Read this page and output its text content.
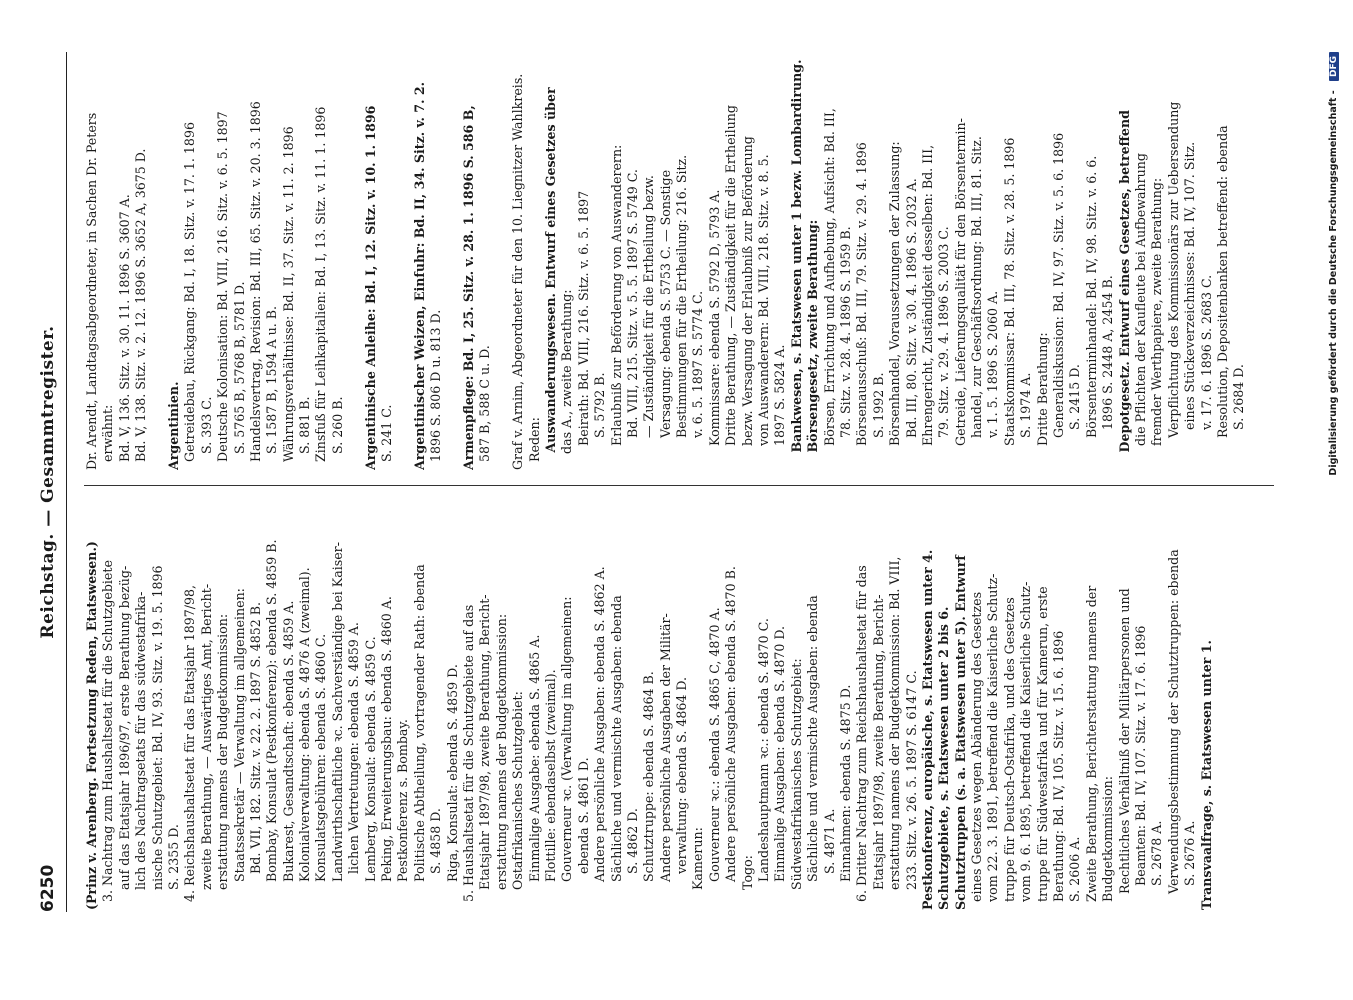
6250
Reichstag. — Gesammtregister.
(Prinz v. Arenberg. Fortsetzung Reden, Etatswesen.) 3. Nachtrag zum Haushaltsetat für die Schutzgebiete auf das Etatsjahr 1896/97, erste Berathung bezüg- lich des Nachtragsetats für das südwestafrika- nische Schutzgebiet: Bd. IV, 93. Sitz. v. 19. 5. 1896 S. 2355 D. 4. Reichshaushaltsetat für das Etatsjahr 1897/98, zweite Berathung, — Auswärtiges Amt, Bericht- erstattung namens der Budgetkommission: Staatssekretär — Verwaltung im allgemeinen: Bd. VII, 182. Sitz. v. 22. 2. 1897 S. 4852 B. Bombay, Konsulat (Pestkonferenz): ebenda S. 4859 B. Bukarest, Gesandtschaft: ebenda S. 4859 A. Kolonialverwaltung: ebenda S. 4876 A (zweimal). Konsulatsgebühren: ebenda S. 4860 C. Landwirthschaftliche ꝛc. Sachverständige bei Kaiser- lichen Vertretungen: ebenda S. 4859 A. Lemberg, Konsulat: ebenda S. 4859 C. Peking, Erweiterungsbau: ebenda S. 4860 A. Pestkonferenz s. Bombay. Politische Abtheilung, vortragender Rath: ebenda S. 4858 D. Riga, Konsulat: ebenda S. 4859 D. 5. Haushaltsetat für die Schutzgebiete auf das Etatsjahr 1897/98, zweite Berathung, Bericht- erstattung namens der Budgetkommission: Ostafrikanisches Schutzgebiet: Einmalige Ausgabe: ebenda S. 4865 A. Flottille: ebendaselbst (zweimal). Gouverneur ꝛc. (Verwaltung im allgemeinen: ebenda S. 4861 D. Andere persönliche Ausgaben: ebenda S. 4862 A. Sächliche und vermischte Ausgaben: ebenda S. 4862 D. Schutztruppe: ebenda S. 4864 B. Andere persönliche Ausgaben der Militär- verwaltung: ebenda S. 4864 D. Kamerun: Gouverneur ꝛc.: ebenda S. 4865 C, 4870 A. Andere persönliche Ausgaben: ebenda S. 4870 B. Togo: Landeshauptmann ꝛc.: ebenda S. 4870 C. Einmalige Ausgaben: ebenda S. 4870 D. Südwestafrikanisches Schutzgebiet: Sächliche und vermischte Ausgaben: ebenda S. 4871 A. Einnahmen: ebenda S. 4875 D. 6. Dritter Nachtrag zum Reichshaushaltsetat für das Etatsjahr 1897/98, zweite Berathung, Bericht- erstattung namens der Budgetkommission: Bd. VIII, 233. Sitz. v. 26. 5. 1897 S. 6147 C. Pestkonferenz, europäische, s. Etatswesen unter 4. Schutzgebiete, s. Etatswesen unter 2 bis 6. Schutztruppen (s. a. Etatswesen unter 5). Entwurf eines Gesetzes wegen Abänderung des Gesetzes vom 22. 3. 1891, betreffend die Kaiserliche Schutz- truppe für Deutsch-Ostafrika, und des Gesetzes vom 9. 6. 1895, betreffend die Kaiserliche Schutz- truppe für Südwestafrika und für Kamerun, erste Berathung: Bd. IV, 105. Sitz. v. 15. 6. 1896 S. 2606 A. Zweite Berathung, Berichterstattung namens der Budgetkommission: Rechtliches Verhältniß der Militärpersonen und Beamten: Bd. IV, 107. Sitz. v. 17. 6. 1896 S. 2678 A. Verwendungsbestimmung der Schutztruppen: ebenda S. 2676 A. Transvaalfrage, s. Etatswesen unter 1.
Dr. Arendt, Landtagsabgeordneter, in Sachen Dr. Peters erwähnt: Bd. V, 136. Sitz. v. 30. 11. 1896 S. 3607 A. Bd. V, 138. Sitz. v. 2. 12. 1896 S. 3652 A, 3675 D. Argentinien. Getreidebau, Rückgang: Bd. I, 18. Sitz. v. 17. 1. 1896 S. 393 C. Deutsche Kolonisation: Bd. VIII, 216. Sitz. v. 6. 5. 1897 S. 5765 B, 5768 B, 5781 D. Handelsvertrag, Revision: Bd. III, 65. Sitz. v. 20. 3. 1896 S. 1587 B, 1594 A u. B. Währungsverhältnisse: Bd. II, 37. Sitz. v. 11. 2. 1896 S. 881 B. Zinsfuß für Leihkapitalien: Bd. I, 13. Sitz. v. 11. 1. 1896 S. 260 B. Argentinische Anleihe: Bd. I, 12. Sitz. v. 10. 1. 1896 S. 241 C. Argentinischer Weizen, Einfuhr: Bd. II, 34. Sitz. v. 7. 2. 1896 S. 806 D u. 813 D. Armenpflege: Bd. I, 25. Sitz. v. 28. 1. 1896 S. 586 B, 587 B, 588 C u. D. Graf v. Arnim, Abgeordneter für den 10. Liegnitzer Wahlkreis. Reden: Auswanderungswesen. Entwurf eines Gesetzes über das A., zweite Berathung: Beirath: Bd. VIII, 216. Sitz. v. 6. 5. 1897 S. 5792 B. Erlaubniß zur Beförderung von Auswanderern: Bd. VIII, 215. Sitz. v. 5. 5. 1897 S. 5749 C. — Zuständigkeit für die Ertheilung bezw. Versagung: ebenda S. 5753 C. — Sonstige Bestimmungen für die Ertheilung: 216. Sitz. v. 6. 5. 1897 S. 5774 C. Kommissare: ebenda S. 5792 D, 5793 A. Dritte Berathung, — Zuständigkeit für die Ertheilung bezw. Versagung der Erlaubniß zur Beförderung von Auswanderern: Bd. VIII, 218. Sitz. v. 8. 5. 1897 S. 5824 A. Bankwesen, s. Etatswesen unter 1 bezw. Lombardirung. Börsengesetz, zweite Berathung: Börsen, Errichtung und Aufhebung, Aufsicht: Bd. III, 78. Sitz. v. 28. 4. 1896 S. 1959 B. Börsenausschuß: Bd. III, 79. Sitz. v. 29. 4. 1896 S. 1992 B. Börsenhandel, Voraussetzungen der Zulassung: Bd. III, 80. Sitz. v. 30. 4. 1896 S. 2032 A. Ehrengericht, Zuständigkeit desselben: Bd. III, 79. Sitz. v. 29. 4. 1896 S. 2003 C. Getreide, Lieferungsqualität für den Börsentermin- handel, zur Geschäftsordnung: Bd. III, 81. Sitz. v. 1. 5. 1896 S. 2060 A. Staatskommissar: Bd. III, 78. Sitz. v. 28. 5. 1896 S. 1974 A. Dritte Berathung: Generaldiskussion: Bd. IV, 97. Sitz. v. 5. 6. 1896 S. 2415 D. Börsenterminhandel: Bd. IV, 98. Sitz. v. 6. 6. 1896 S. 2448 A, 2454 B. Depotgesetz. Entwurf eines Gesetzes, betreffend die Pflichten der Kaufleute bei Aufbewahrung fremder Werthpapiere, zweite Berathung: Verpflichtung des Kommissionärs zur Uebersendung eines Stückeverzeichnisses: Bd. IV, 107. Sitz. v. 17. 6. 1896 S. 2683 C. Resolution, Depositenbanken betreffend: ebenda S. 2684 D.	Digitalisierung gefördert durch die Deutsche Forschungsgemeinschaft - DFG
